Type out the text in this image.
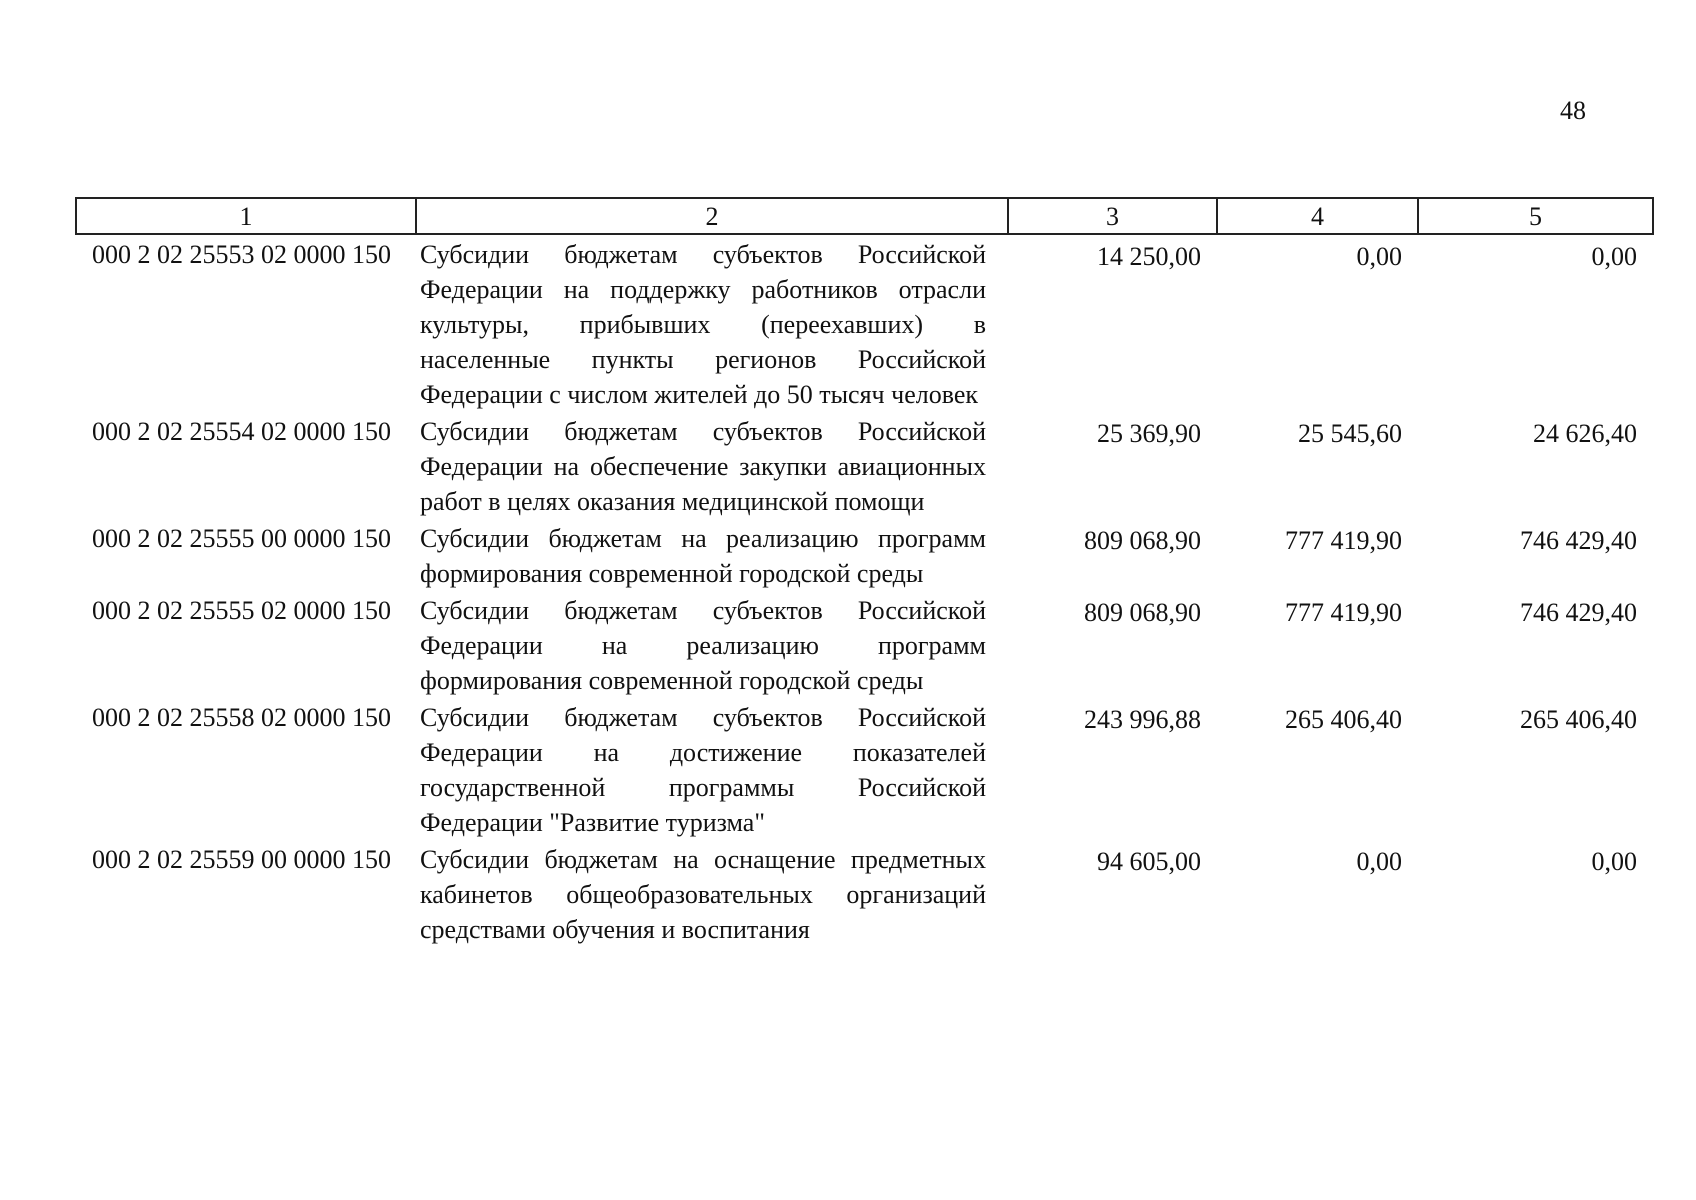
48
1	2	3	4	5
000 2 02 25553 02 0000 150	Субсидии бюджетам субъектов Российской Федерации на поддержку работников отрасли культуры, прибывших (переехавших) в населенные пункты регионов Российской Федерации с числом жителей до 50 тысяч человек	14 250,00	0,00	0,00
000 2 02 25554 02 0000 150	Субсидии бюджетам субъектов Российской Федерации на обеспечение закупки авиационных работ в целях оказания медицинской помощи	25 369,90	25 545,60	24 626,40
000 2 02 25555 00 0000 150	Субсидии бюджетам на реализацию программ формирования современной городской среды	809 068,90	777 419,90	746 429,40
000 2 02 25555 02 0000 150	Субсидии бюджетам субъектов Российской Федерации на реализацию программ формирования современной городской среды	809 068,90	777 419,90	746 429,40
000 2 02 25558 02 0000 150	Субсидии бюджетам субъектов Российской Федерации на достижение показателей государственной программы Российской Федерации "Развитие туризма"	243 996,88	265 406,40	265 406,40
000 2 02 25559 00 0000 150	Субсидии бюджетам на оснащение предметных кабинетов общеобразовательных организаций средствами обучения и воспитания	94 605,00	0,00	0,00
